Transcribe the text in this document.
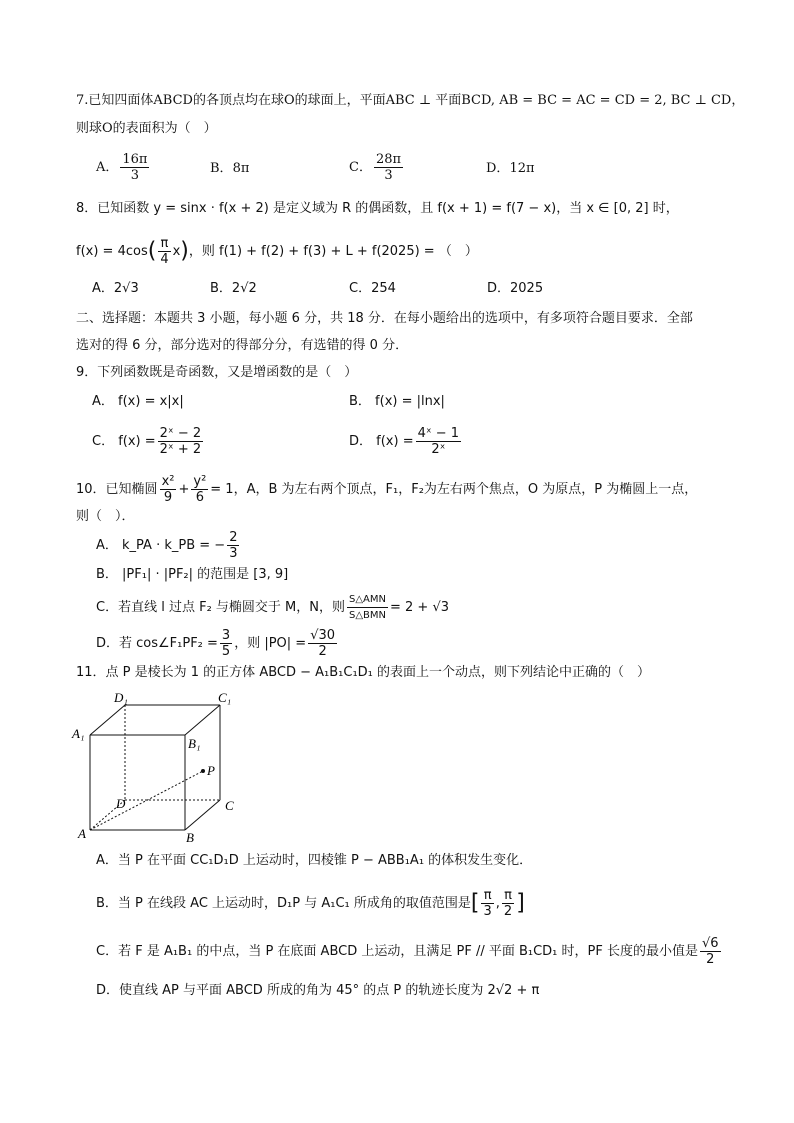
7.已知四面体ABCD的各顶点均在球O的球面上，平面ABC ⊥ 平面BCD, AB = BC = AC = CD = 2, BC ⊥ CD，
则球O的表面积为（　）
A． $\frac{16\pi}{3}$	B．8π	C． $\frac{28\pi}{3}$	D．12π
8．已知函数 y = sinx · f(x + 2) 是定义域为 R 的偶函数，且 f(x + 1) = f(7 − x)，当 x ∈ [0, 2] 时，
$f(x) = 4\cos( \frac{\pi}{4} x)$，则 f(1) + f(2) + f(3) + L + f(2025) = （　）
A．2√3	B．2√2	C．254	D．2025
二、选择题：本题共 3 小题，每小题 6 分，共 18 分．在每小题给出的选项中，有多项符合题目要求．全部
选对的得 6 分，部分选对的得部分分，有选错的得 0 分．
9．下列函数既是奇函数，又是增函数的是（　）
A． f(x) = x|x|	B． f(x) = |lnx|
C． $f(x) = \frac{\text{2ˣ − 2}}{\text{2ˣ + 2}}$	D． $f(x) = \frac{\text{4ˣ − 1}}{\text{2ˣ}}$
10．已知椭圆 $\frac{\text{x²}}{9} + \frac{\text{y²}}{6} = 1$，A，B 为左右两个顶点，F₁，F₂为左右两个焦点，O 为原点，P 为椭圆上一点，
则（　）．
A． k_PA · k_PB = − $\frac{2}{3}$
B． |PF₁| · |PF₂| 的范围是 [3, 9]
C．若直线 l 过点 F₂ 与椭圆交于 M，N，则 $\frac{\text{S△AMN}}{\text{S△BMN}} = 2 + √3$
D．若 cos∠F₁PF₂ = $\frac{3}{5}$ ，则 $|PO| = \frac{√30}{2}$
11．点 P 是棱长为 1 的正方体 ABCD − A₁B₁C₁D₁ 的表面上一个动点，则下列结论中正确的（　）
D₁	C₁
A₁
B₁
P
D	C
A	B
A．当 P 在平面 CC₁D₁D 上运动时，四棱锥 P − ABB₁A₁ 的体积发生变化．
B．当 P 在线段 AC 上运动时，D₁P 与 A₁C₁ 所成角的取值范围是[ $\frac{\pi}{3}$ , $\frac{\pi}{2}$ ]
C．若 F 是 A₁B₁ 的中点，当 P 在底面 ABCD 上运动，且满足 PF // 平面 B₁CD₁ 时，PF 长度的最小值是 $\frac{√6}{2}$
D．使直线 AP 与平面 ABCD 所成的角为 45° 的点 P 的轨迹长度为 2√2 + π
